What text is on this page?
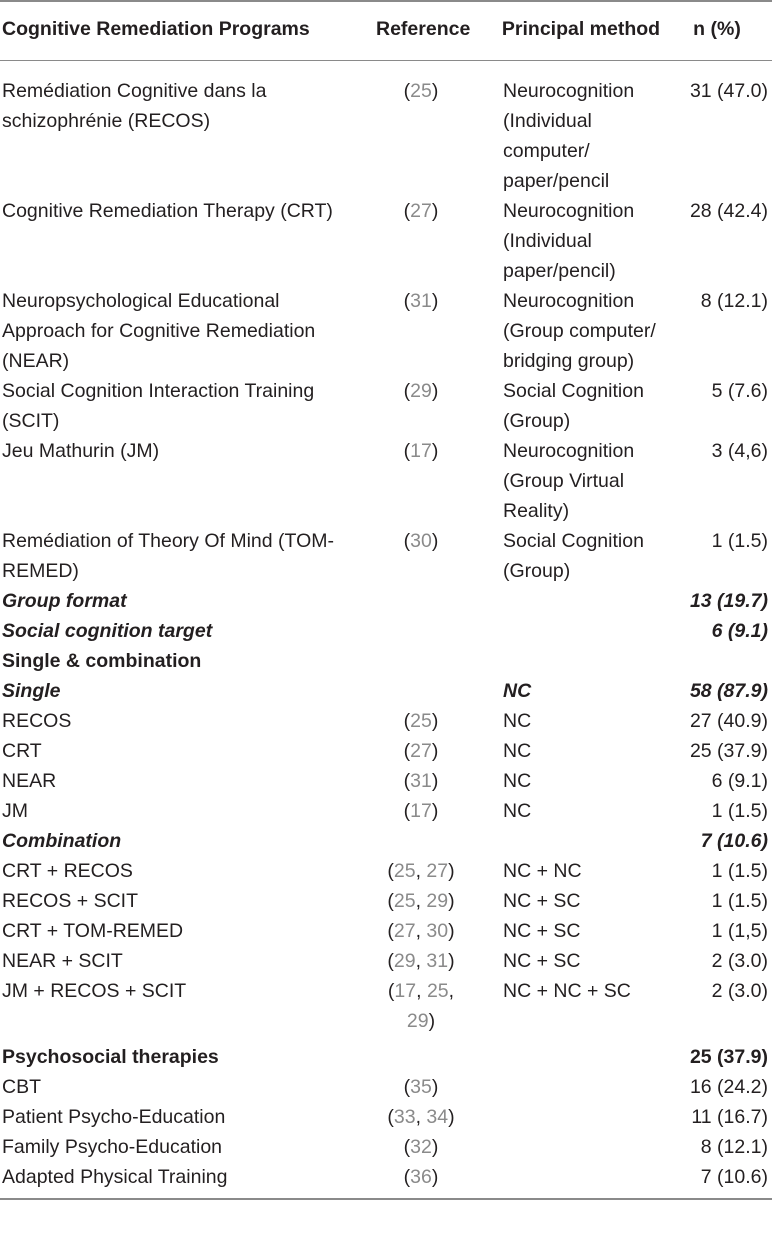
Cognitive Remediation Programs	Reference	Principal method	n (%)
Remédiation Cognitive dans la schizophrénie (RECOS)	(25)	Neurocognition (Individual computer/ paper/pencil	31 (47.0)
Cognitive Remediation Therapy (CRT)	(27)	Neurocognition (Individual paper/pencil)	28 (42.4)
Neuropsychological Educational Approach for Cognitive Remediation (NEAR)	(31)	Neurocognition (Group computer/ bridging group)	8 (12.1)
Social Cognition Interaction Training (SCIT)	(29)	Social Cognition (Group)	5 (7.6)
Jeu Mathurin (JM)	(17)	Neurocognition (Group Virtual Reality)	3 (4,6)
Remédiation of Theory Of Mind (TOM-REMED)	(30)	Social Cognition (Group)	1 (1.5)
Group format			13 (19.7)
Social cognition target			6 (9.1)
Single & combination			
Single		NC	58 (87.9)
RECOS	(25)	NC	27 (40.9)
CRT	(27)	NC	25 (37.9)
NEAR	(31)	NC	6 (9.1)
JM	(17)	NC	1 (1.5)
Combination			7 (10.6)
CRT + RECOS	(25, 27)	NC + NC	1 (1.5)
RECOS + SCIT	(25, 29)	NC + SC	1 (1.5)
CRT + TOM-REMED	(27, 30)	NC + SC	1 (1,5)
NEAR + SCIT	(29, 31)	NC + SC	2 (3.0)
JM + RECOS + SCIT	(17, 25, 29)	NC + NC + SC	2 (3.0)
Psychosocial therapies			25 (37.9)
CBT	(35)		16 (24.2)
Patient Psycho-Education	(33, 34)		11 (16.7)
Family Psycho-Education	(32)		8 (12.1)
Adapted Physical Training	(36)		7 (10.6)
